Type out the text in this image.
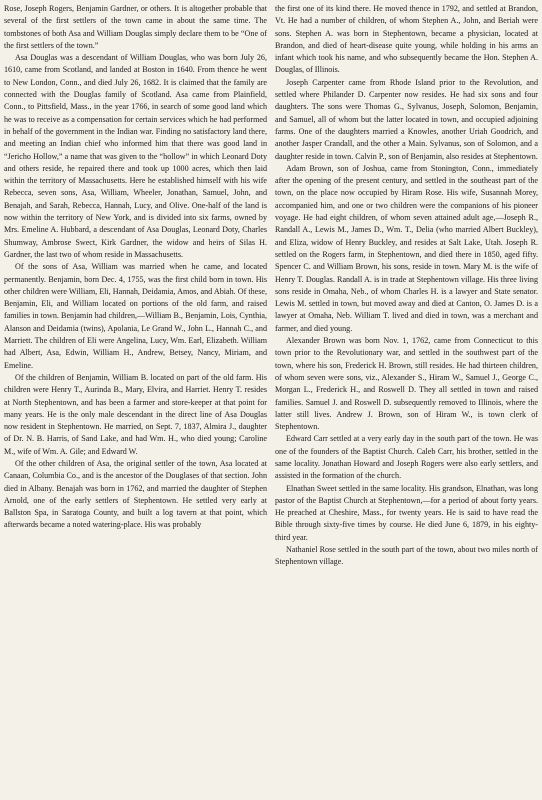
Rose, Joseph Rogers, Benjamin Gardner, or others. It is altogether probable that several of the first settlers of the town came in about the same time. The tombstones of both Asa and William Douglas simply declare them to be “One of the first settlers of the town.”

Asa Douglas was a descendant of William Douglas, who was born July 26, 1610, came from Scotland, and landed at Boston in 1640. From thence he went to New London, Conn., and died July 26, 1682. It is claimed that the family are connected with the Douglas family of Scotland. Asa came from Plainfield, Conn., to Pittsfield, Mass., in the year 1766, in search of some good land which he was to receive as a compensation for certain services which he had performed in behalf of the government in the Indian war. Finding no satisfactory land there, and meeting an Indian chief who informed him that there was good land in “Jericho Hollow,” a name that was given to the “hollow” in which Leonard Doty and others reside, he repaired there and took up 1000 acres, which then laid within the territory of Massachusetts. Here he established himself with his wife Rebecca, seven sons, Asa, William, Wheeler, Jonathan, Samuel, John, and Benajah, and Sarah, Rebecca, Hannah, Lucy, and Olive. One-half of the land is now within the territory of New York, and is divided into six farms, owned by Mrs. Emeline A. Hubbard, a descendant of Asa Douglas, Leonard Doty, Charles Shumway, Ambrose Swect, Kirk Gardner, the widow and heirs of Silas H. Gardner, the last two of whom reside in Massachusetts.

Of the sons of Asa, William was married when he came, and located permanently. Benjamin, born Dec. 4, 1755, was the first child born in town. His other children were William, Eli, Hannah, Deidamia, Amos, and Abiah. Of these, Benjamin, Eli, and William located on portions of the old farm, and raised families in town. Benjamin had children,—William B., Benjamin, Lois, Cynthia, Alanson and Deidamia (twins), Apolania, Le Grand W., John L., Hannah C., and Marriett. The children of Eli were Angelina, Lucy, Wm. Earl, Elizabeth. William had Albert, Asa, Edwin, William H., Andrew, Betsey, Nancy, Miriam, and Emeline.

Of the children of Benjamin, William B. located on part of the old farm. His children were Henry T., Aurinda B., Mary, Elvira, and Harriet. Henry T. resides at North Stephentown, and has been a farmer and store-keeper at that point for many years. He is the only male descendant in the direct line of Asa Douglas now resident in Stephentown. He married, on Sept. 7, 1837, Almira J., daughter of Dr. N. B. Harris, of Sand Lake, and had Wm. H., who died young; Caroline M., wife of Wm. A. Gile; and Edward W.

Of the other children of Asa, the original settler of the town, Asa located at Canaan, Columbia Co., and is the ancestor of the Douglases of that section. John died in Albany. Benajah was born in 1762, and married the daughter of Stephen Arnold, one of the early settlers of Stephentown. He settled very early at Ballston Spa, in Saratoga County, and built a log tavern at that point, which afterwards became a noted watering-place. His was probably

the first one of its kind there. He moved thence in 1792, and settled at Brandon, Vt. He had a number of children, of whom Stephen A., John, and Beriah were sons. Stephen A. was born in Stephentown, became a physician, located at Brandon, and died of heart-disease quite young, while holding in his arms an infant which took his name, and who subsequently became the Hon. Stephen A. Douglas, of Illinois.

Joseph Carpenter came from Rhode Island prior to the Revolution, and settled where Philander D. Carpenter now resides. He had six sons and four daughters. The sons were Thomas G., Sylvanus, Joseph, Solomon, Benjamin, and Samuel, all of whom but the latter located in town, and occupied adjoining farms. One of the daughters married a Knowles, another Uriah Goodrich, and another Jasper Crandall, and the other a Main. Sylvanus, son of Solomon, and a daughter reside in town. Calvin P., son of Benjamin, also resides at Stephentown.

Adam Brown, son of Joshua, came from Stonington, Conn., immediately after the opening of the present century, and settled in the southeast part of the town, on the place now occupied by Hiram Rose. His wife, Susannah Morey, accompanied him, and one or two children were the companions of his pioneer voyage. He had eight children, of whom seven attained adult age,—Joseph R., Randall A., Lewis M., James D., Wm. T., Delia (who married Albert Buckley), and Eliza, widow of Henry Buckley, and resides at Salt Lake, Utah. Joseph R. settled on the Rogers farm, in Stephentown, and died there in 1850, aged fifty. Spencer C. and William Brown, his sons, reside in town. Mary M. is the wife of Henry T. Douglas. Randall A. is in trade at Stephentown village. His three living sons reside in Omaha, Neb., of whom Charles H. is a lawyer and State senator. Lewis M. settled in town, but moved away and died at Canton, O. James D. is a lawyer at Omaha, Neb. William T. lived and died in town, was a merchant and farmer, and died young.

Alexander Brown was born Nov. 1, 1762, came from Connecticut to this town prior to the Revolutionary war, and settled in the southwest part of the town, where his son, Frederick H. Brown, still resides. He had thirteen children, of whom seven were sons, viz., Alexander S., Hiram W., Samuel J., George C., Morgan L., Frederick H., and Roswell D. They all settled in town and raised families. Samuel J. and Roswell D. subsequently removed to Illinois, where the latter still lives. Andrew J. Brown, son of Hiram W., is town clerk of Stephentown.

Edward Carr settled at a very early day in the south part of the town. He was one of the founders of the Baptist Church. Caleb Carr, his brother, settled in the same locality. Jonathan Howard and Joseph Rogers were also early settlers, and assisted in the formation of the church.

Elnathan Sweet settled in the same locality. His grandson, Elnathan, was long pastor of the Baptist Church at Stephentown,—for a period of about forty years. He preached at Cheshire, Mass., for twenty years. He is said to have read the Bible through sixty-five times by course. He died June 6, 1879, in his eighty-third year.

Nathaniel Rose settled in the south part of the town, about two miles north of Stephentown village.
